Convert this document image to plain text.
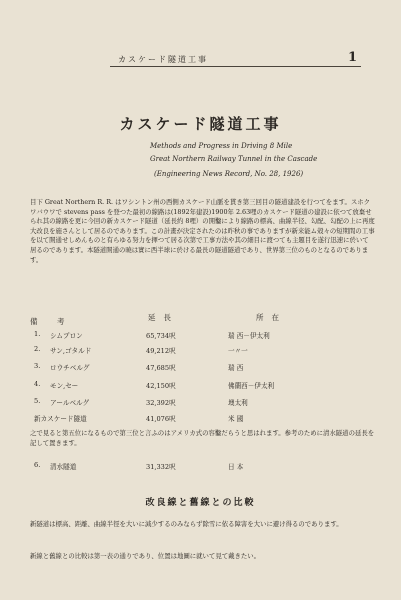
カスケード隧道工事	1
カスケード隧道工事
Methods and Progress in Driving 8 Mile
Great Northern Railway Tunnel in the Cascade
(Engineering News Record, No. 28, 1926)

目下 Great Northern R. R. はワシントン州の西側カスケード山脈を貫き第三回目の隧道建設を行つてをます。スホクワバウワで stevens pass を登つた最初の線路は(1892年建設)1900年 2.63哩のカスケード隧道の建設に依つて放棄せられ其の線路を更に今回の新カスケード隧道（延長約 8哩）の開鑿により線路の標高、曲線半径、勾配、勾配の上に再度大改良を施さんとして居るのであります。この計畫が決定されたのは昨秋の事でありますが新来能ム殻々の短期間の工事を以て開通せしめんものと有らゆる努力を揮つて居る次第で工事方法や其の細目に渡つても主題目を遂行迅速に於いて居るのであります。本隧道開通の暁は實に西半球に於ける最長の隧道隧道であり、世界第三位のものとなるのであります。

備　考	延長	所在
1. シムプロン	65,734呎	瑞 西－伊太利
2. サン,ゴタルド	49,212呎	一〃一
3. ロウチベルグ	47,685呎	瑞 西
4. モン,セー	42,150呎	佛蘭西－伊太利
5. アールベルグ	32,392呎	墺太利
新カスケード隧道	41,076呎	米 國

之で見ると第五位になるもので第三位と言ふのはアメリカ式の容鑿だらうと思はれます。参考のために清水隧道の延長を記して置きます。

6. 清水隧道	31,332呎	日 本
改良線と舊線との比較

新隧道は標高、距離、曲線半徑を大いに減少するのみならず除雪に依る障害を大いに避け得るのであります。

新線と舊線との比較は第一表の通りであり、位置は地圖に就いて見て戴きたい。
